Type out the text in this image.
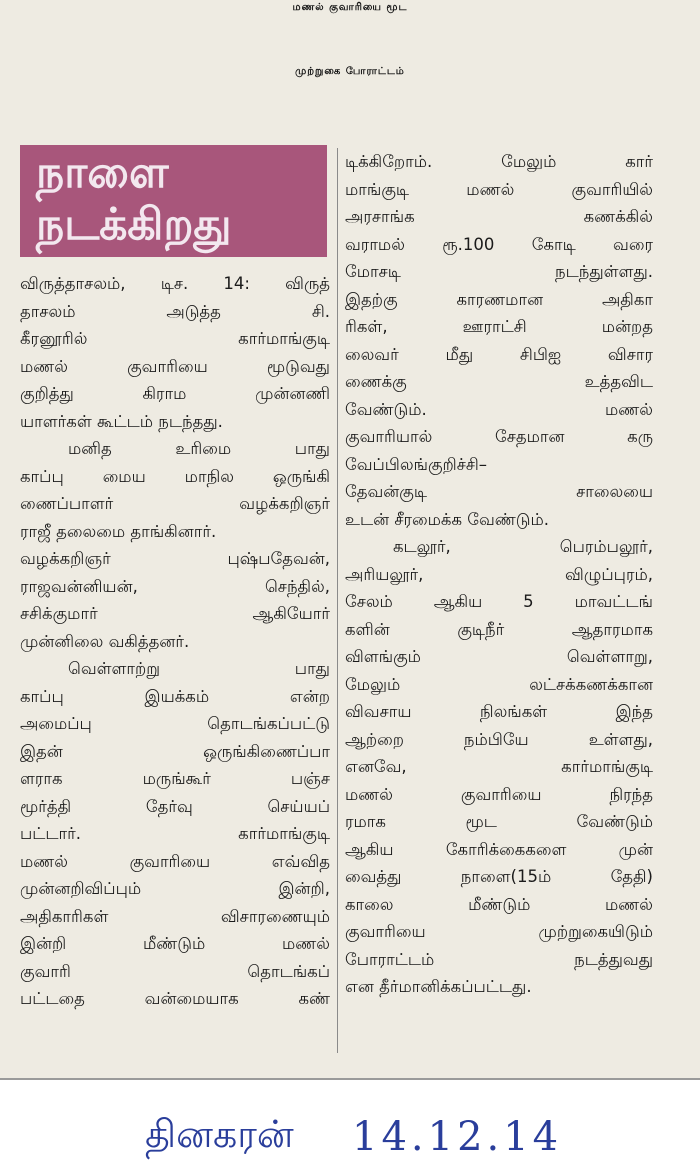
மணல் குவாரியை மூட
முற்றுகை போராட்டம்
நாளை
நடக்கிறது
விருத்தாசலம், டிச. 14: விருத்
தாசலம் அடுத்த சி.
கீரனூரில் கார்மாங்குடி
மணல் குவாரியை மூடுவது
குறித்து கிராம முன்னணி
யாளர்கள் கூட்டம் நடந்தது.
மனித உரிமை பாது
காப்பு மைய மாநில ஒருங்கி
ணைப்பாளர் வழக்கறிஞர்
ராஜீ தலைமை தாங்கினார்.
வழக்கறிஞர் புஷ்பதேவன்,
ராஜவன்னியன், செந்தில்,
சசிக்குமார் ஆகியோர்
முன்னிலை வகித்தனர்.
வெள்ளாற்று பாது
காப்பு இயக்கம் என்ற
அமைப்பு தொடங்கப்பட்டு
இதன் ஒருங்கிணைப்பா
ளராக மருங்கூர் பஞ்ச
மூர்த்தி தேர்வு செய்யப்
பட்டார். கார்மாங்குடி
மணல் குவாரியை எவ்வித
முன்னறிவிப்பும் இன்றி,
அதிகாரிகள் விசாரணையும்
இன்றி மீண்டும் மணல்
குவாரி தொடங்கப்
பட்டதை வன்மையாக கண்
டிக்கிறோம். மேலும் கார்
மாங்குடி மணல் குவாரியில்
அரசாங்க கணக்கில்
வராமல் ரூ.100 கோடி வரை
மோசடி நடந்துள்ளது.
இதற்கு காரணமான அதிகா
ரிகள், ஊராட்சி மன்றத
லைவர் மீது சிபிஐ விசார
ணைக்கு உத்தவிட
வேண்டும். மணல்
குவாரியால் சேதமான கரு
வேப்பிலங்குறிச்சி–
தேவன்குடி சாலையை
உடன் சீரமைக்க வேண்டும்.
கடலூர், பெரம்பலூர்,
அரியலூர், விழுப்புரம்,
சேலம் ஆகிய 5 மாவட்டங்
களின் குடிநீர் ஆதாரமாக
விளங்கும் வெள்ளாறு,
மேலும் லட்சக்கணக்கான
விவசாய நிலங்கள் இந்த
ஆற்றை நம்பியே உள்ளது,
எனவே, கார்மாங்குடி
மணல் குவாரியை நிரந்த
ரமாக மூட வேண்டும்
ஆகிய கோரிக்கைகளை முன்
வைத்து நாளை(15ம் தேதி)
காலை மீண்டும் மணல்
குவாரியை முற்றுகையிடும்
போராட்டம் நடத்துவது
என தீர்மானிக்கப்பட்டது.
தினகரன் 14.12.14
